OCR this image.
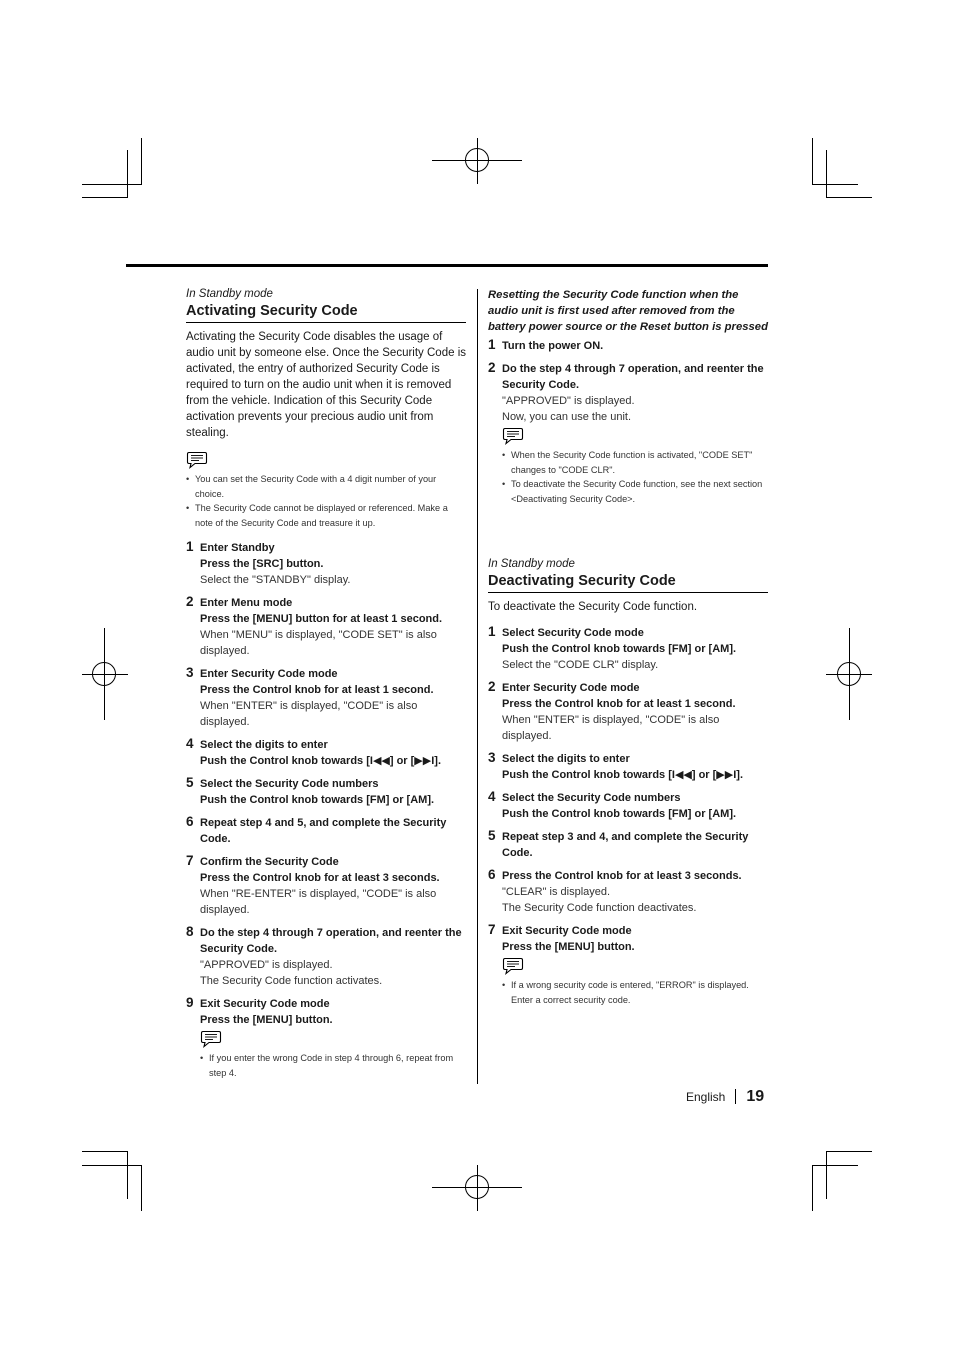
In Standby mode
Activating Security Code

Activating the Security Code disables the usage of audio unit by someone else. Once the Security Code is activated, the entry of authorized Security Code is required to turn on the audio unit when it is removed from the vehicle. Indication of this Security Code activation prevents your precious audio unit from stealing.

• You can set the Security Code with a 4 digit number of your choice.
• The Security Code cannot be displayed or referenced. Make a note of the Security Code and treasure it up.
1 Enter Standby
Press the [SRC] button.
Select the "STANDBY" display.
2 Enter Menu mode
Press the [MENU] button for at least 1 second.
When "MENU" is displayed, "CODE SET" is also displayed.
3 Enter Security Code mode
Press the Control knob for at least 1 second.
When "ENTER" is displayed, "CODE" is also displayed.
4 Select the digits to enter
Push the Control knob towards [I◀◀] or [▶▶I].
5 Select the Security Code numbers
Push the Control knob towards [FM] or [AM].
6 Repeat step 4 and 5, and complete the Security Code.
7 Confirm the Security Code
Press the Control knob for at least 3 seconds.
When "RE-ENTER" is displayed, "CODE" is also displayed.
8 Do the step 4 through 7 operation, and reenter the Security Code.
"APPROVED" is displayed.
The Security Code function activates.
9 Exit Security Code mode
Press the [MENU] button.
• If you enter the wrong Code in step 4 through 6, repeat from step 4.
Resetting the Security Code function when the audio unit is first used after removed from the battery power source or the Reset button is pressed
1 Turn the power ON.
2 Do the step 4 through 7 operation, and reenter the Security Code.
"APPROVED" is displayed.
Now, you can use the unit.
• When the Security Code function is activated, "CODE SET" changes to "CODE CLR".
• To deactivate the Security Code function, see the next section <Deactivating Security Code>.
In Standby mode
Deactivating Security Code

To deactivate the Security Code function.

1 Select Security Code mode
Push the Control knob towards [FM] or [AM].
Select the "CODE CLR" display.
2 Enter Security Code mode
Press the Control knob for at least 1 second.
When "ENTER" is displayed, "CODE" is also displayed.
3 Select the digits to enter
Push the Control knob towards [I◀◀] or [▶▶I].
4 Select the Security Code numbers
Push the Control knob towards [FM] or [AM].
5 Repeat step 3 and 4, and complete the Security Code.
6 Press the Control knob for at least 3 seconds.
"CLEAR" is displayed.
The Security Code function deactivates.
7 Exit Security Code mode
Press the [MENU] button.
• If a wrong security code is entered, "ERROR" is displayed. Enter a correct security code.
English 19
